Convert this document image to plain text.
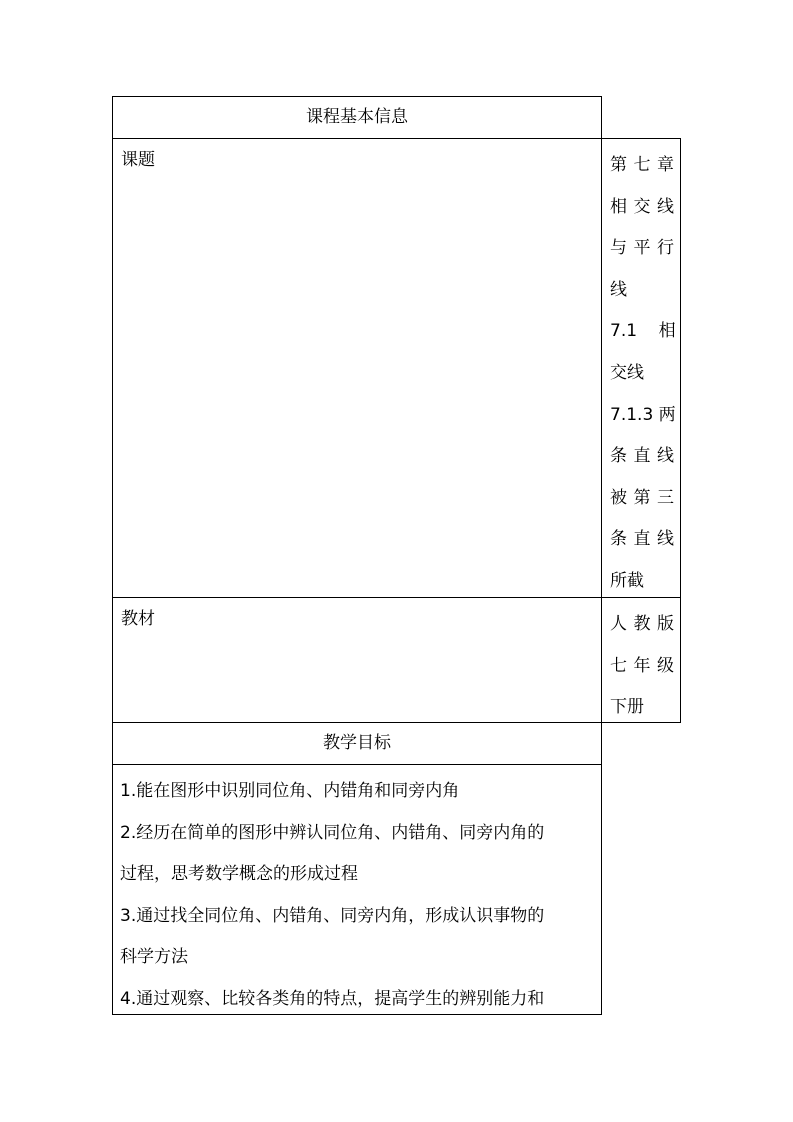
课程基本信息
课题	第七章
相交线
与平行
线
7.1    相
交线
7.1.3 两
条直线
被第三
条直线
所截
教材	人教版
七年级
下册
教学目标
1.能在图形中识别同位角、内错角和同旁内角
2.经历在简单的图形中辨认同位角、内错角、同旁内角的
过程，思考数学概念的形成过程
3.通过找全同位角、内错角、同旁内角，形成认识事物的
科学方法
4.通过观察、比较各类角的特点，提高学生的辨别能力和
